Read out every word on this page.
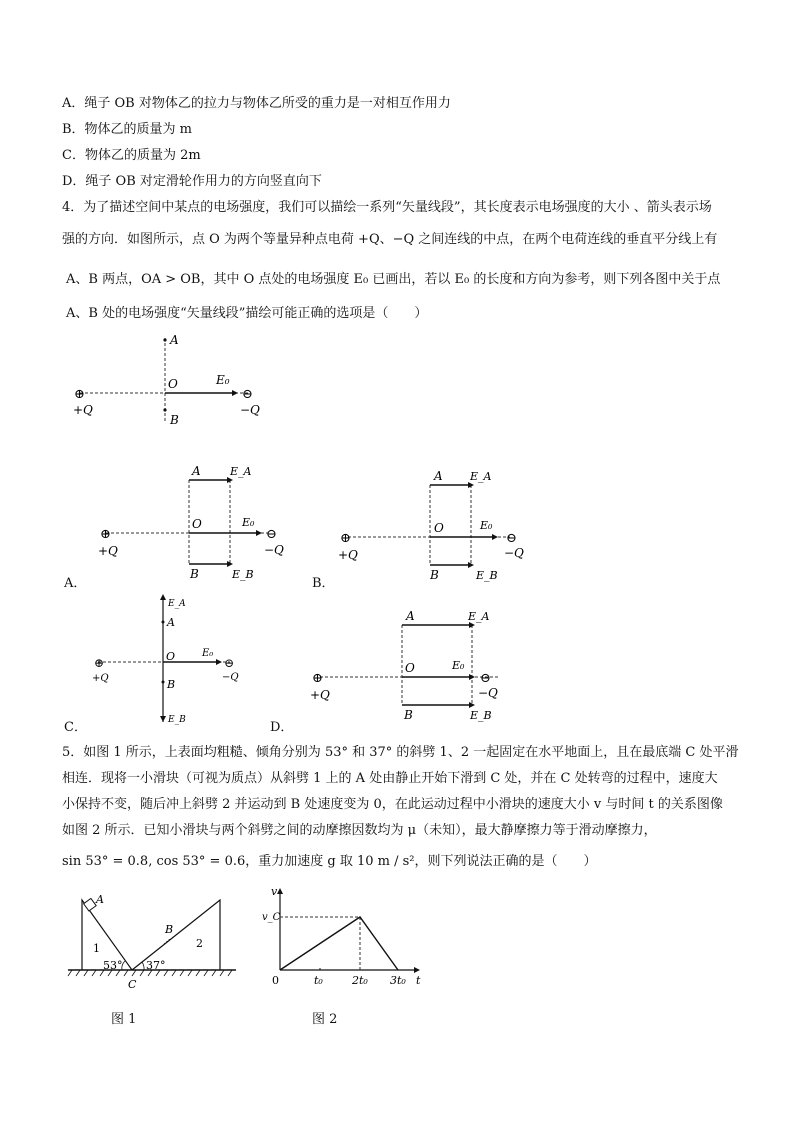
A．绳子 OB 对物体乙的拉力与物体乙所受的重力是一对相互作用力
B．物体乙的质量为 m
C．物体乙的质量为 2m
D．绳子 OB 对定滑轮作用力的方向竖直向下
4．为了描述空间中某点的电场强度，我们可以描绘一系列“矢量线段”，其长度表示电场强度的大小 、箭头表示场
强的方向．如图所示，点 O 为两个等量异种点电荷 +Q、−Q 之间连线的中点，在两个电荷连线的垂直平分线上有
A、B 两点，OA > OB，其中 O 点处的电场强度 E₀ 已画出，若以 E₀ 的长度和方向为参考，则下列各图中关于点
A、B 处的电场强度“矢量线段”描绘可能正确的选项是（　　）
⊕	⊖
+Q	−Q
O
A
B
E₀
⊕	⊖
+Q	−Q
O
A
B
E_A
E₀
E_B
A．
⊕	⊖
+Q	−Q
O
A
B
E_A
E₀
E_B
B．
⊕	⊖
+Q	−Q
O
A
B
E_A
E₀
E_B
C．
⊕	⊖
+Q	−Q
O
A
B
E_A
E₀
E_B
D．
5．如图 1 所示，上表面均粗糙、倾角分别为 53° 和 37° 的斜劈 1、2 一起固定在水平地面上，且在最底端 C 处平滑
相连．现将一小滑块（可视为质点）从斜劈 1 上的 A 处由静止开始下滑到 C 处，并在 C 处转弯的过程中，速度大
小保持不变，随后冲上斜劈 2 并运动到 B 处速度变为 0，在此运动过程中小滑块的速度大小 v 与时间 t 的关系图像
如图 2 所示．已知小滑块与两个斜劈之间的动摩擦因数均为 μ（未知），最大静摩擦力等于滑动摩擦力，
sin 53° = 0.8, cos 53° = 0.6，重力加速度 g 取 10 m / s²，则下列说法正确的是（　　）
A
B
C
1	2
53° 37°
图 1
v
v_C
t
0	t₀	2t₀ 3t₀
图 2
